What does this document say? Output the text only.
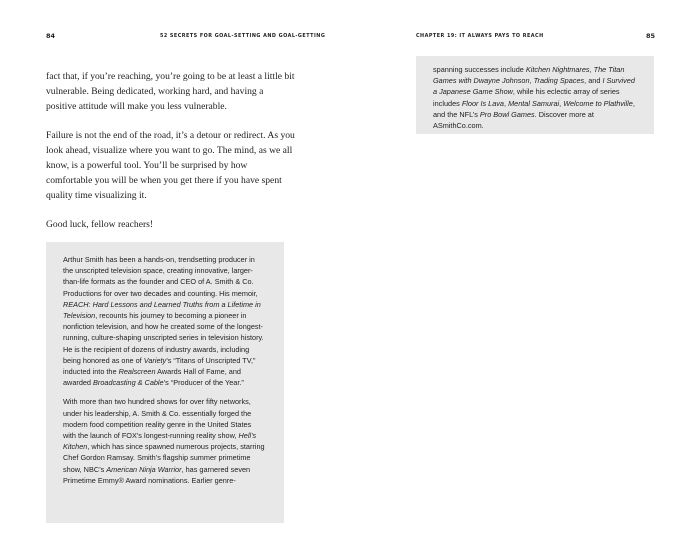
84	52 SECRETS FOR GOAL-SETTING AND GOAL-GETTING

fact that, if you’re reaching, you’re going to be at least a little bit vulnerable. Being dedicated, working hard, and having a positive attitude will make you less vulnerable.

Failure is not the end of the road, it’s a detour or redirect. As you look ahead, visualize where you want to go. The mind, as we all know, is a powerful tool. You’ll be surprised by how comfortable you will be when you get there if you have spent quality time visualizing it.

Good luck, fellow reachers!

Arthur Smith has been a hands-on, trendsetting producer in the unscripted television space, creating innovative, larger-than-life formats as the founder and CEO of A. Smith & Co. Productions for over two decades and counting. His memoir, REACH: Hard Lessons and Learned Truths from a Lifetime in Television, recounts his journey to becoming a pioneer in nonfiction television, and how he created some of the longest-running, culture-shaping unscripted series in television history. He is the recipient of dozens of industry awards, including being honored as one of Variety’s “Titans of Unscripted TV,” inducted into the Realscreen Awards Hall of Fame, and awarded Broadcasting & Cable’s “Producer of the Year.”

With more than two hundred shows for over fifty networks, under his leadership, A. Smith & Co. essentially forged the modern food competition reality genre in the United States with the launch of FOX’s longest-running reality show, Hell’s Kitchen, which has since spawned numerous projects, starring Chef Gordon Ramsay. Smith’s flagship summer primetime show, NBC’s American Ninja Warrior, has garnered seven Primetime Emmy® Award nominations. Earlier genre-

CHAPTER 19: IT ALWAYS PAYS TO REACH	85

spanning successes include Kitchen Nightmares, The Titan Games with Dwayne Johnson, Trading Spaces, and I Survived a Japanese Game Show, while his eclectic array of series includes Floor Is Lava, Mental Samurai, Welcome to Plathville, and the NFL’s Pro Bowl Games. Discover more at ASmithCo.com.
